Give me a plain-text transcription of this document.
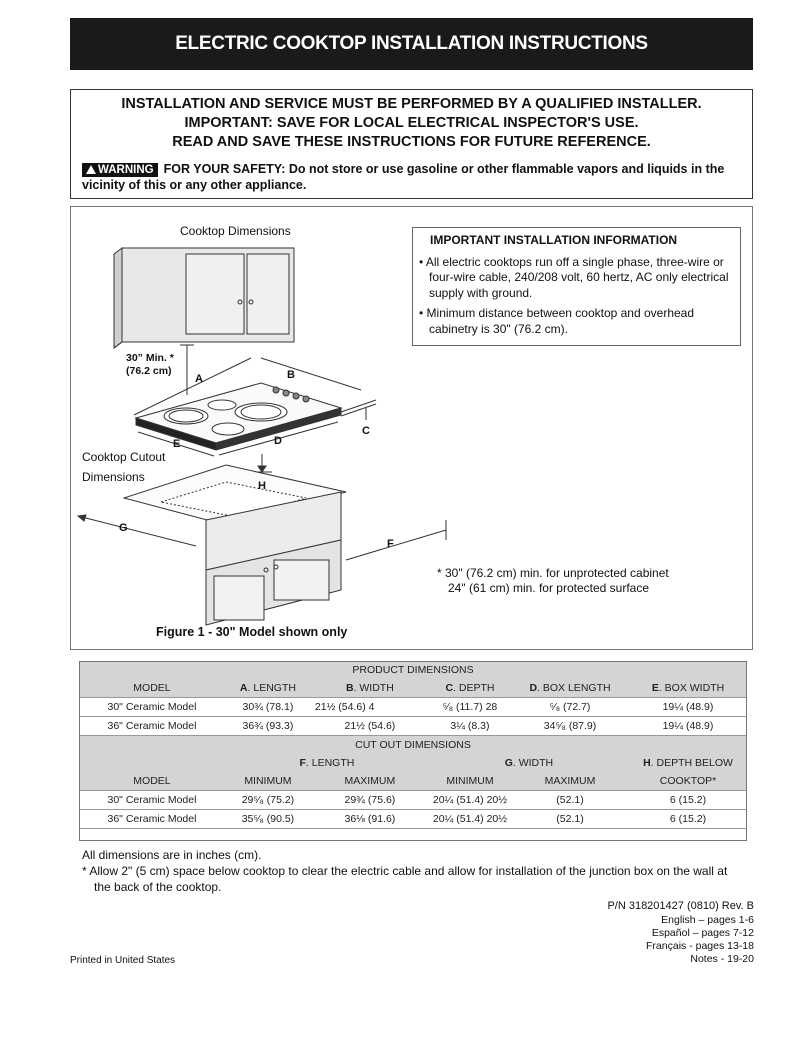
ELECTRIC COOKTOP INSTALLATION INSTRUCTIONS
INSTALLATION AND SERVICE MUST BE PERFORMED BY A QUALIFIED INSTALLER.
IMPORTANT: SAVE FOR LOCAL ELECTRICAL INSPECTOR'S USE.
READ AND SAVE THESE INSTRUCTIONS FOR FUTURE REFERENCE.
WARNING FOR YOUR SAFETY: Do not store or use gasoline or other flammable vapors and liquids in the vicinity of this or any other appliance.
Cooktop Dimensions
30” Min. *
(76.2 cm)
A	B
C
D
E
F
G
H
Cooktop Cutout
Dimensions
IMPORTANT INSTALLATION INFORMATION
• All electric cooktops run off a single phase, three-wire or four-wire cable, 240/208 volt, 60 hertz, AC only electrical supply with ground.
• Minimum distance between cooktop and overhead cabinetry is 30" (76.2 cm).
* 30" (76.2 cm) min. for unprotected cabinet
24" (61 cm) min. for protected surface
Figure 1 - 30" Model shown only
PRODUCT DIMENSIONS					
MODEL	A. LENGTH	B. WIDTH	C. DEPTH	D. BOX LENGTH	E. BOX WIDTH
30" Ceramic Model	30¾ (78.1)	21½ (54.6) 4	⁵⁄₈ (11.7) 28	⁵⁄₈ (72.7)	19¼ (48.9)
36" Ceramic Model	36¾ (93.3)	21½ (54.6)	3¼ (8.3)	34⁵⁄₈ (87.9)	19¼ (48.9)
CUT OUT DIMENSIONS					
	F. LENGTH		G. WIDTH		H. DEPTH BELOW
MODEL	MINIMUM	MAXIMUM	MINIMUM	MAXIMUM	COOKTOP*
30" Ceramic Model	29⁵⁄₈ (75.2)	29¾ (75.6)	20¼ (51.4) 20½	(52.1)	6 (15.2)
36" Ceramic Model	35⁵⁄₈ (90.5)	36⅛ (91.6)	20¼ (51.4) 20½	(52.1)	6 (15.2)
All dimensions are in inches (cm).
* Allow 2" (5 cm) space below cooktop to clear the electric cable and allow for installation of the junction box on the wall at the back of the cooktop.
P/N 318201427 (0810) Rev. B
English – pages 1-6
Español – pages 7-12
Français - pages 13-18
Notes - 19-20
Printed in United States
